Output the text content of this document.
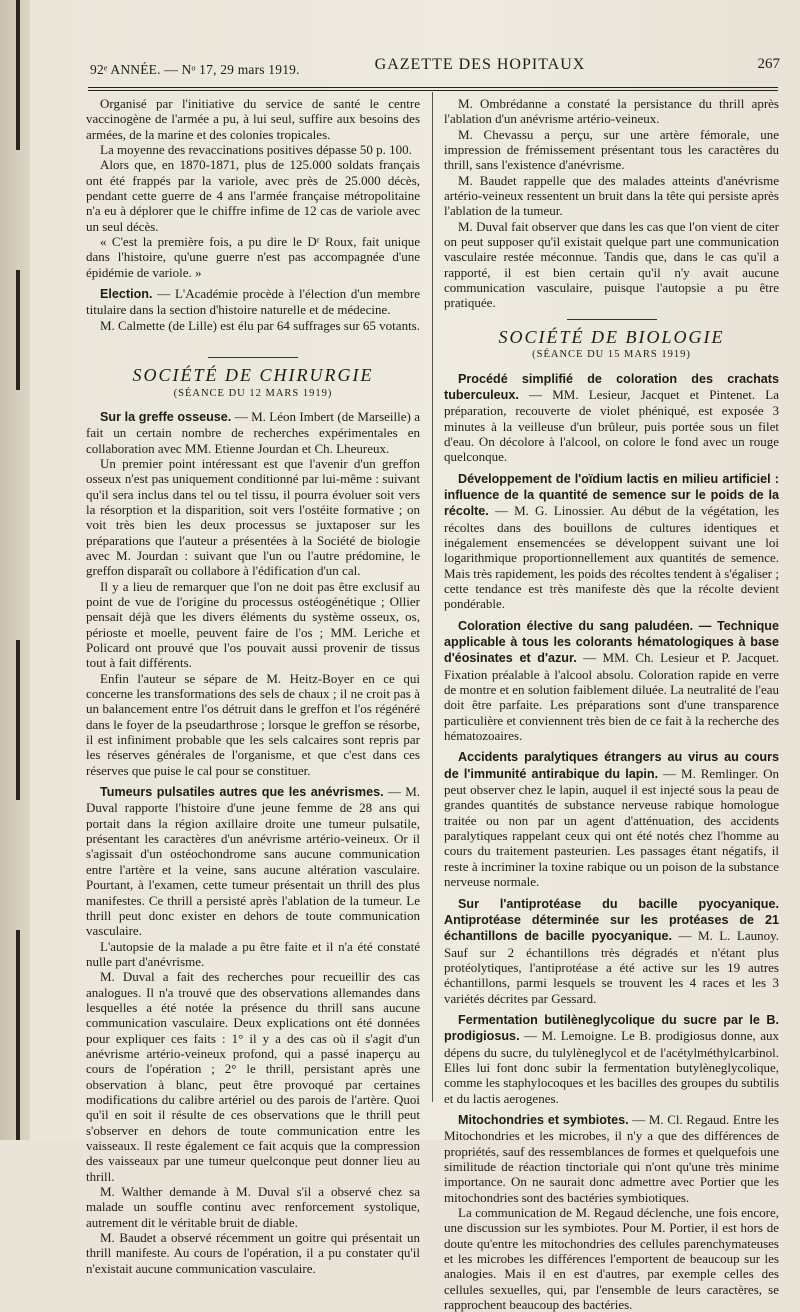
92ᵉ ANNÉE. — Nᵒ 17, 29 mars 1919.	GAZETTE DES HOPITAUX	267

Organisé par l'initiative du service de santé le centre vaccinogène de l'armée a pu, à lui seul, suffire aux besoins des armées, de la marine et des colonies tropicales.

La moyenne des revaccinations positives dépasse 50 p. 100.

Alors que, en 1870-1871, plus de 125.000 soldats français ont été frappés par la variole, avec près de 25.000 décès, pendant cette guerre de 4 ans l'armée française métropolitaine n'a eu à déplorer que le chiffre infime de 12 cas de variole avec un seul décès.

« C'est la première fois, a pu dire le Dʳ Roux, fait unique dans l'histoire, qu'une guerre n'est pas accompagnée d'une épidémie de variole. »

Election. — L'Académie procède à l'élection d'un membre titulaire dans la section d'histoire naturelle et de médecine.

M. Calmette (de Lille) est élu par 64 suffrages sur 65 votants.

SOCIÉTÉ DE CHIRURGIE
(SÉANCE DU 12 MARS 1919)

Sur la greffe osseuse. — M. Léon Imbert (de Marseille) a fait un certain nombre de recherches expérimentales en collaboration avec MM. Etienne Jourdan et Ch. Lheureux.

Un premier point intéressant est que l'avenir d'un greffon osseux n'est pas uniquement conditionné par lui-même : suivant qu'il sera inclus dans tel ou tel tissu, il pourra évoluer soit vers la résorption et la disparition, soit vers l'ostéite formative ; on voit très bien les deux processus se juxtaposer sur les préparations que l'auteur a présentées à la Société de biologie avec M. Jourdan : suivant que l'un ou l'autre prédomine, le greffon disparaît ou collabore à l'édification d'un cal.

Il y a lieu de remarquer que l'on ne doit pas être exclusif au point de vue de l'origine du processus ostéogénétique ; Ollier pensait déjà que les divers éléments du système osseux, os, périoste et moelle, peuvent faire de l'os ; MM. Leriche et Policard ont prouvé que l'os pouvait aussi provenir de tissus tout à fait différents.

Enfin l'auteur se sépare de M. Heitz-Boyer en ce qui concerne les transformations des sels de chaux ; il ne croit pas à un balancement entre l'os détruit dans le greffon et l'os régénéré dans le foyer de la pseudarthrose ; lorsque le greffon se résorbe, il est infiniment probable que les sels calcaires sont repris par les réserves générales de l'organisme, et que c'est dans ces réserves que puise le cal pour se constituer.

Tumeurs pulsatiles autres que les anévrismes. — M. Duval rapporte l'histoire d'une jeune femme de 28 ans qui portait dans la région axillaire droite une tumeur pulsatile, présentant les caractères d'un anévrisme artério-veineux. Or il s'agissait d'un ostéochondrome sans aucune communication entre l'artère et la veine, sans aucune altération vasculaire. Pourtant, à l'examen, cette tumeur présentait un thrill des plus manifestes. Ce thrill a persisté après l'ablation de la tumeur. Le thrill peut donc exister en dehors de toute communication vasculaire.

L'autopsie de la malade a pu être faite et il n'a été constaté nulle part d'anévrisme.

M. Duval a fait des recherches pour recueillir des cas analogues. Il n'a trouvé que des observations allemandes dans lesquelles a été notée la présence du thrill sans aucune communication vasculaire. Deux explications ont été données pour expliquer ces faits : 1° il y a des cas où il s'agit d'un anévrisme artério-veineux profond, qui a passé inaperçu au cours de l'opération ; 2° le thrill, persistant après une observation à blanc, peut être provoqué par certaines modifications du calibre artériel ou des parois de l'artère. Quoi qu'il en soit il résulte de ces observations que le thrill peut s'observer en dehors de toute communication entre les vaisseaux. Il reste également ce fait acquis que la compression des vaisseaux par une tumeur quelconque peut donner lieu au thrill.

M. Walther demande à M. Duval s'il a observé chez sa malade un souffle continu avec renforcement systolique, autrement dit le véritable bruit de diable.

M. Baudet a observé récemment un goitre qui présentait un thrill manifeste. Au cours de l'opération, il a pu constater qu'il n'existait aucune communication vasculaire.

M. Ombrédanne a constaté la persistance du thrill après l'ablation d'un anévrisme artério-veineux.

M. Chevassu a perçu, sur une artère fémorale, une impression de frémissement présentant tous les caractères du thrill, sans l'existence d'anévrisme.

M. Baudet rappelle que des malades atteints d'anévrisme artério-veineux ressentent un bruit dans la tête qui persiste après l'ablation de la tumeur.

M. Duval fait observer que dans les cas que l'on vient de citer on peut supposer qu'il existait quelque part une communication vasculaire restée méconnue. Tandis que, dans le cas qu'il a rapporté, il est bien certain qu'il n'y avait aucune communication vasculaire, puisque l'autopsie a pu être pratiquée.

SOCIÉTÉ DE BIOLOGIE
(SÉANCE DU 15 MARS 1919)

Procédé simplifié de coloration des crachats tuberculeux. — MM. Lesieur, Jacquet et Pintenet. La préparation, recouverte de violet phéniqué, est exposée 3 minutes à la veilleuse d'un brûleur, puis portée sous un filet d'eau. On décolore à l'alcool, on colore le fond avec un rouge quelconque.

Développement de l'oïdium lactis en milieu artificiel : influence de la quantité de semence sur le poids de la récolte. — M. G. Linossier. Au début de la végétation, les récoltes dans des bouillons de cultures identiques et inégalement ensemencées se développent suivant une loi logarithmique proportionnellement aux quantités de semence. Mais très rapidement, les poids des récoltes tendent à s'égaliser ; cette tendance est très manifeste dès que la récolte devient pondérable.

Coloration élective du sang paludéen. — Technique applicable à tous les colorants hématologiques à base d'éosinates et d'azur. — MM. Ch. Lesieur et P. Jacquet. Fixation préalable à l'alcool absolu. Coloration rapide en verre de montre et en solution faiblement diluée. La neutralité de l'eau doit être parfaite. Les préparations sont d'une transparence particulière et conviennent très bien de ce fait à la recherche des hématozoaires.

Accidents paralytiques étrangers au virus au cours de l'immunité antirabique du lapin. — M. Remlinger. On peut observer chez le lapin, auquel il est injecté sous la peau de grandes quantités de substance nerveuse rabique homologue traitée ou non par un agent d'atténuation, des accidents paralytiques rappelant ceux qui ont été notés chez l'homme au cours du traitement pasteurien. Les passages étant négatifs, il reste à incriminer la toxine rabique ou un poison de la substance nerveuse normale.

Sur l'antiprotéase du bacille pyocyanique. Antiprotéase déterminée sur les protéases de 21 échantillons de bacille pyocyanique. — M. L. Launoy. Sauf sur 2 échantillons très dégradés et n'étant plus protéolytiques, l'antiprotéase a été active sur les 19 autres échantillons, parmi lesquels se trouvent les 4 races et les 3 variétés décrites par Gessard.

Fermentation butilèneglycolique du sucre par le B. prodigiosus. — M. Lemoigne. Le B. prodigiosus donne, aux dépens du sucre, du tulylèneglycol et de l'acétylméthylcarbinol. Elles lui font donc subir la fermentation butylèneglycolique, comme les staphylocoques et les bacilles des groupes du subtilis et du lactis aerogenes.

Mitochondries et symbiotes. — M. Cl. Regaud. Entre les Mitochondries et les microbes, il n'y a que des différences de propriétés, sauf des ressemblances de formes et quelquefois une similitude de réaction tinctoriale qui n'ont qu'une très minime importance. On ne saurait donc admettre avec Portier que les mitochondries sont des bactéries symbiotiques.

La communication de M. Regaud déclenche, une fois encore, une discussion sur les symbiotes. Pour M. Portier, il est hors de doute qu'entre les mitochondries des cellules parenchymateuses et les microbes les différences l'emportent de beaucoup sur les analogies. Mais il en est d'autres, par exemple celles des cellules sexuelles, qui, par l'ensemble de leurs caractères, se rapprochent beaucoup des bactéries.
